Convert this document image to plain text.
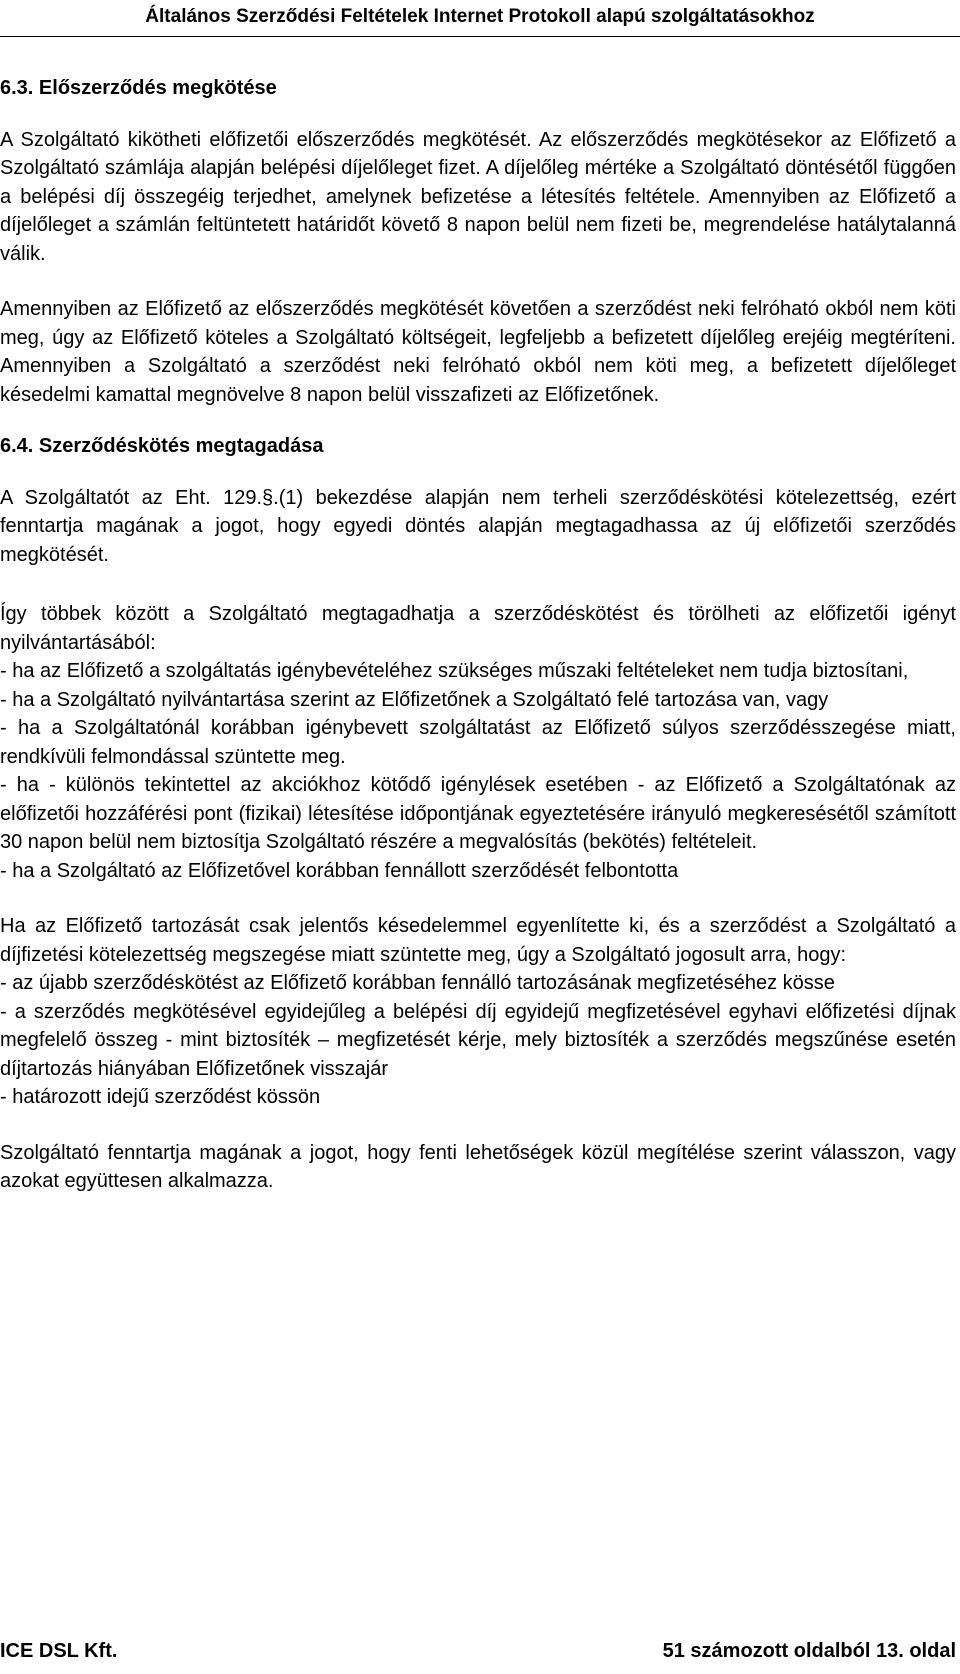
Általános Szerződési Feltételek Internet Protokoll alapú szolgáltatásokhoz
6.3. Előszerződés megkötése

A Szolgáltató kikötheti előfizetői előszerződés megkötését. Az előszerződés megkötésekor az Előfizető a Szolgáltató számlája alapján belépési díjelőleget fizet. A díjelőleg mértéke a Szolgáltató döntésétől függően a belépési díj összegéig terjedhet, amelynek befizetése a létesítés feltétele. Amennyiben az Előfizető a díjelőleget a számlán feltüntetett határidőt követő 8 napon belül nem fizeti be, megrendelése hatálytalanná válik.

Amennyiben az Előfizető az előszerződés megkötését követően a szerződést neki felróható okból nem köti meg, úgy az Előfizető köteles a Szolgáltató költségeit, legfeljebb a befizetett díjelőleg erejéig megtéríteni. Amennyiben a Szolgáltató a szerződést neki felróható okból nem köti meg, a befizetett díjelőleget késedelmi kamattal megnövelve 8 napon belül visszafizeti az Előfizetőnek.

6.4. Szerződéskötés megtagadása

A Szolgáltatót az Eht. 129.§.(1) bekezdése alapján nem terheli szerződéskötési kötelezettség, ezért fenntartja magának a jogot, hogy egyedi döntés alapján megtagadhassa az új előfizetői szerződés megkötését.

Így többek között a Szolgáltató megtagadhatja a szerződéskötést és törölheti az előfizetői igényt nyilvántartásából:

- ha az Előfizető a szolgáltatás igénybevételéhez szükséges műszaki feltételeket nem tudja biztosítani,

- ha a Szolgáltató nyilvántartása szerint az Előfizetőnek a Szolgáltató felé tartozása van, vagy

- ha a Szolgáltatónál korábban igénybevett szolgáltatást az Előfizető súlyos szerződésszegése miatt, rendkívüli felmondással szüntette meg.

- ha - különös tekintettel az akciókhoz kötődő igénylések esetében - az Előfizető a Szolgáltatónak az előfizetői hozzáférési pont (fizikai) létesítése időpontjának egyeztetésére irányuló megkeresésétől számított 30 napon belül nem biztosítja Szolgáltató részére a megvalósítás (bekötés) feltételeit.

- ha a Szolgáltató az Előfizetővel korábban fennállott szerződését felbontotta

Ha az Előfizető tartozását csak jelentős késedelemmel egyenlítette ki, és a szerződést a Szolgáltató a díjfizetési kötelezettség megszegése miatt szüntette meg, úgy a Szolgáltató jogosult arra, hogy:

- az újabb szerződéskötést az Előfizető korábban fennálló tartozásának megfizetéséhez kösse

- a szerződés megkötésével egyidejűleg a belépési díj egyidejű megfizetésével egyhavi előfizetési díjnak megfelelő összeg - mint biztosíték – megfizetését kérje, mely biztosíték a szerződés megszűnése esetén díjtartozás hiányában Előfizetőnek visszajár

- határozott idejű szerződést kössön

Szolgáltató fenntartja magának a jogot, hogy fenti lehetőségek közül megítélése szerint válasszon, vagy azokat együttesen alkalmazza.

ICE DSL Kft.	51 számozott oldalból 13. oldal
